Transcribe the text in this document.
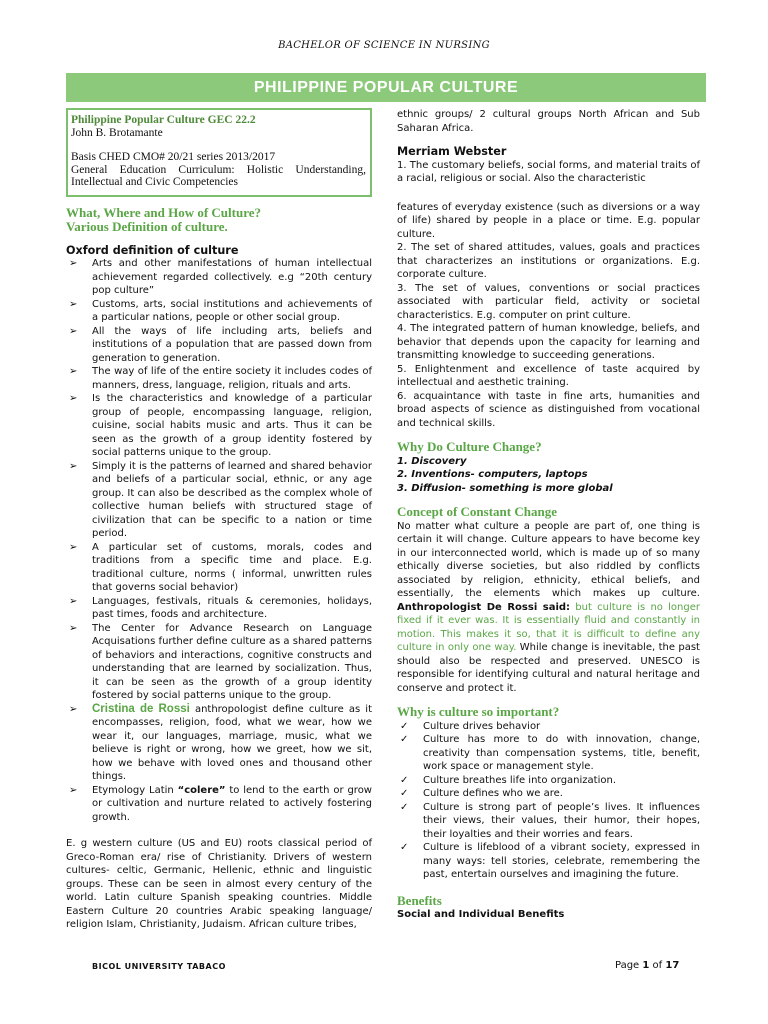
BACHELOR OF SCIENCE IN NURSING
PHILIPPINE POPULAR CULTURE
Philippine Popular Culture GEC 22.2
John B. Brotamante
Basis CHED CMO# 20/21 series 2013/2017
General Education Curriculum: Holistic Understanding, Intellectual and Civic Competencies
What, Where and How of Culture?
Various Definition of culture.
Oxford definition of culture
➢ Arts and other manifestations of human intellectual achievement regarded collectively. e.g “20th century pop culture”
➢ Customs, arts, social institutions and achievements of a particular nations, people or other social group.
➢ All the ways of life including arts, beliefs and institutions of a population that are passed down from generation to generation.
➢ The way of life of the entire society it includes codes of manners, dress, language, religion, rituals and arts.
➢ Is the characteristics and knowledge of a particular group of people, encompassing language, religion, cuisine, social habits music and arts. Thus it can be seen as the growth of a group identity fostered by social patterns unique to the group.
➢ Simply it is the patterns of learned and shared behavior and beliefs of a particular social, ethnic, or any age group. It can also be described as the complex whole of collective human beliefs with structured stage of civilization that can be specific to a nation or time period.
➢ A particular set of customs, morals, codes and traditions from a specific time and place. E.g. traditional culture, norms ( informal, unwritten rules that governs social behavior)
➢ Languages, festivals, rituals & ceremonies, holidays, past times, foods and architecture.
➢ The Center for Advance Research on Language Acquisations further define culture as a shared patterns of behaviors and interactions, cognitive constructs and understanding that are learned by socialization. Thus, it can be seen as the growth of a group identity fostered by social patterns unique to the group.
➢ Cristina de Rossi anthropologist define culture as it encompasses, religion, food, what we wear, how we wear it, our languages, marriage, music, what we believe is right or wrong, how we greet, how we sit, how we behave with loved ones and thousand other things.
➢ Etymology Latin “colere” to lend to the earth or grow or cultivation and nurture related to actively fostering growth.

E. g western culture (US and EU) roots classical period of Greco-Roman era/ rise of Christianity. Drivers of western cultures- celtic, Germanic, Hellenic, ethnic and linguistic groups. These can be seen in almost every century of the world. Latin culture Spanish speaking countries. Middle Eastern Culture 20 countries Arabic speaking language/ religion Islam, Christianity, Judaism. African culture tribes,

ethnic groups/ 2 cultural groups North African and Sub Saharan Africa.

Merriam Webster

1. The customary beliefs, social forms, and material traits of a racial, religious or social. Also the characteristic

features of everyday existence (such as diversions or a way of life) shared by people in a place or time. E.g. popular culture.

2. The set of shared attitudes, values, goals and practices that characterizes an institutions or organizations. E.g. corporate culture.

3. The set of values, conventions or social practices associated with particular field, activity or societal characteristics. E.g. computer on print culture.

4. The integrated pattern of human knowledge, beliefs, and behavior that depends upon the capacity for learning and transmitting knowledge to succeeding generations.

5. Enlightenment and excellence of taste acquired by intellectual and aesthetic training.

6. acquaintance with taste in fine arts, humanities and broad aspects of science as distinguished from vocational and technical skills.

Why Do Culture Change?
1. Discovery
2. Inventions- computers, laptops
3. Diffusion- something is more global
Concept of Constant Change

No matter what culture a people are part of, one thing is certain it will change. Culture appears to have become key in our interconnected world, which is made up of so many ethically diverse societies, but also riddled by conflicts associated by religion, ethnicity, ethical beliefs, and essentially, the elements which makes up culture. Anthropologist De Rossi said: but culture is no longer fixed if it ever was. It is essentially fluid and constantly in motion. This makes it so, that it is difficult to define any culture in only one way. While change is inevitable, the past should also be respected and preserved. UNESCO is responsible for identifying cultural and natural heritage and conserve and protect it.

Why is culture so important?
✓ Culture drives behavior
✓ Culture has more to do with innovation, change, creativity than compensation systems, title, benefit, work space or management style.
✓ Culture breathes life into organization.
✓ Culture defines who we are.
✓ Culture is strong part of people’s lives. It influences their views, their values, their humor, their hopes, their loyalties and their worries and fears.
✓ Culture is lifeblood of a vibrant society, expressed in many ways: tell stories, celebrate, remembering the past, entertain ourselves and imagining the future.
Benefits
Social and Individual Benefits
BICOL UNIVERSITY TABACO	Page 1 of 17
